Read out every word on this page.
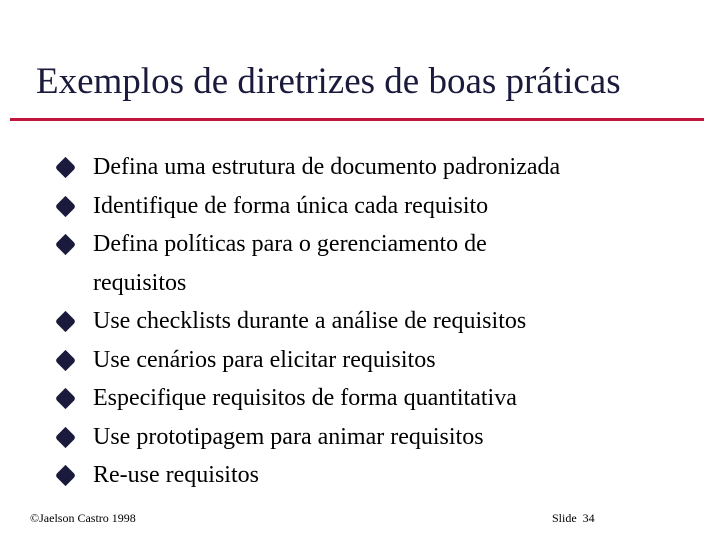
Exemplos de diretrizes de boas práticas
Defina uma estrutura de documento padronizada
Identifique de forma única cada requisito
Defina políticas para o gerenciamento de requisitos
Use checklists durante a análise de requisitos
Use cenários para elicitar requisitos
Especifique requisitos de forma quantitativa
Use prototipagem para animar requisitos
Re-use requisitos
©Jaelson Castro 1998	Slide  34
